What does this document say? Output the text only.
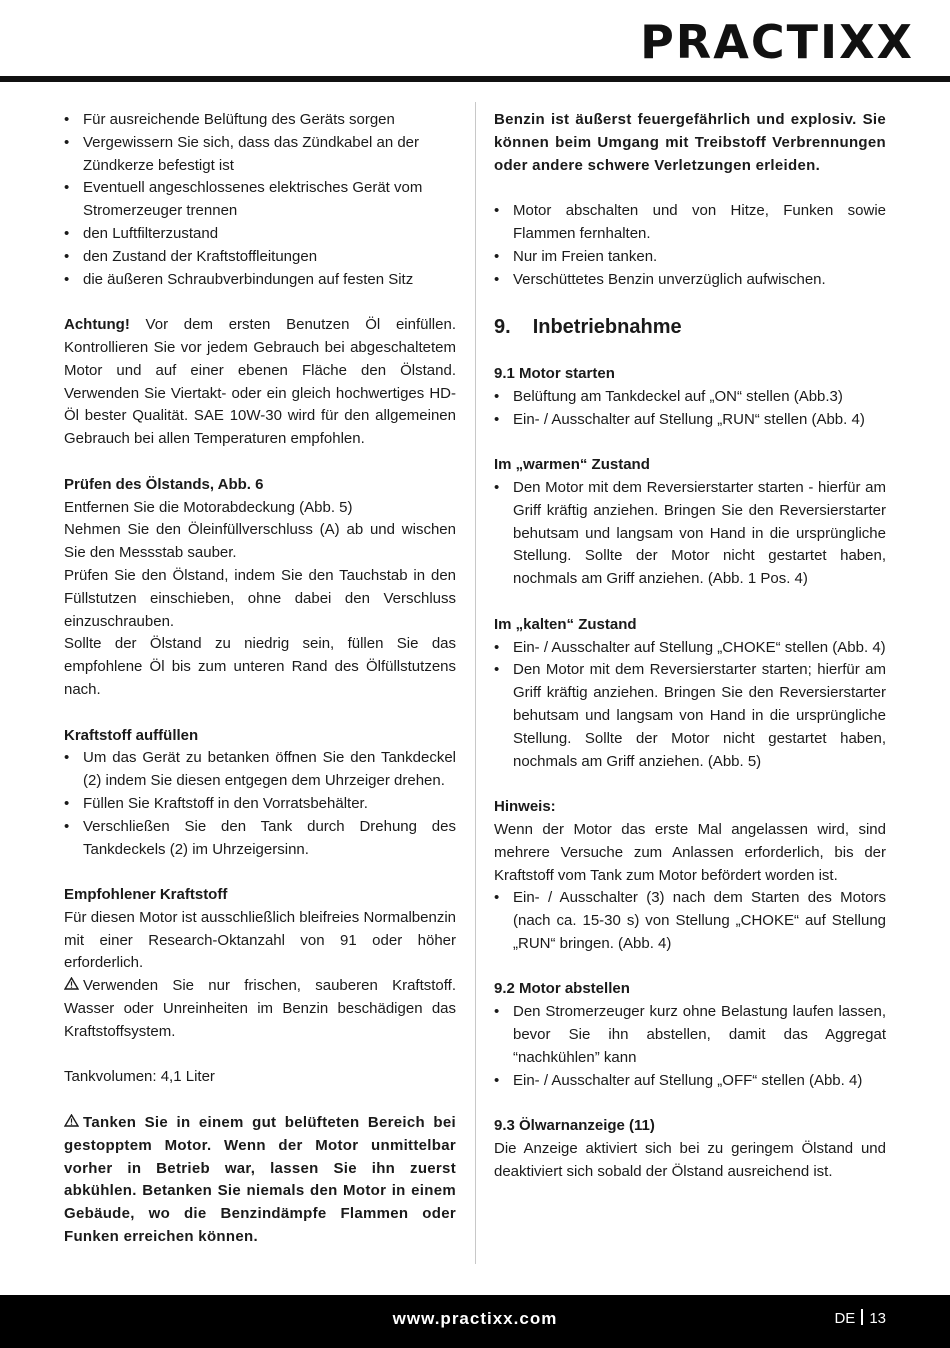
PRACTIXX
• Für ausreichende Belüftung des Geräts sorgen
• Vergewissern Sie sich, dass das Zündkabel an der Zündkerze befestigt ist
• Eventuell angeschlossenes elektrisches Gerät vom Stromerzeuger trennen
• den Luftfilterzustand
• den Zustand der Kraftstoffleitungen
• die äußeren Schraubverbindungen auf festen Sitz

Achtung! Vor dem ersten Benutzen Öl einfüllen. Kontrollieren Sie vor jedem Gebrauch bei abgeschaltetem Motor und auf einer ebenen Fläche den Ölstand. Verwenden Sie Viertakt- oder ein gleich hochwertiges HD-Öl bester Qualität. SAE 10W-30 wird für den allgemeinen Gebrauch bei allen Temperaturen empfohlen.

Prüfen des Ölstands, Abb. 6

Entfernen Sie die Motorabdeckung (Abb. 5)

Nehmen Sie den Öleinfüllverschluss (A) ab und wischen Sie den Messstab sauber.

Prüfen Sie den Ölstand, indem Sie den Tauchstab in den Füllstutzen einschieben, ohne dabei den Verschluss einzuschrauben.

Sollte der Ölstand zu niedrig sein, füllen Sie das empfohlene Öl bis zum unteren Rand des Ölfüllstutzens nach.

Kraftstoff auffüllen

• Um das Gerät zu betanken öffnen Sie den Tankdeckel (2) indem Sie diesen entgegen dem Uhrzeiger drehen.
• Füllen Sie Kraftstoff in den Vorratsbehälter.
• Verschließen Sie den Tank durch Drehung des Tankdeckels (2) im Uhrzeigersinn.

Empfohlener Kraftstoff

Für diesen Motor ist ausschließlich bleifreies Normalbenzin mit einer Research-Oktanzahl von 91 oder höher erforderlich.

Verwenden Sie nur frischen, sauberen Kraftstoff. Wasser oder Unreinheiten im Benzin beschädigen das Kraftstoffsystem.

Tankvolumen: 4,1 Liter

Tanken Sie in einem gut belüfteten Bereich bei gestopptem Motor. Wenn der Motor unmittelbar vorher in Betrieb war, lassen Sie ihn zuerst abkühlen. Betanken Sie niemals den Motor in einem Gebäude, wo die Benzindämpfe Flammen oder Funken erreichen können.

Benzin ist äußerst feuergefährlich und explosiv. Sie können beim Umgang mit Treibstoff Verbrennungen oder andere schwere Verletzungen erleiden.

• Motor abschalten und von Hitze, Funken sowie Flammen fernhalten.
• Nur im Freien tanken.
• Verschüttetes Benzin unverzüglich aufwischen.
9. Inbetriebnahme

9.1 Motor starten

• Belüftung am Tankdeckel auf „ON“ stellen (Abb.3)
• Ein- / Ausschalter auf Stellung „RUN“ stellen (Abb. 4)

Im „warmen“ Zustand

• Den Motor mit dem Reversierstarter starten - hierfür am Griff kräftig anziehen. Bringen Sie den Reversierstarter behutsam und langsam von Hand in die ursprüngliche Stellung. Sollte der Motor nicht gestartet haben, nochmals am Griff anziehen. (Abb. 1 Pos. 4)

Im „kalten“ Zustand

• Ein- / Ausschalter auf Stellung „CHOKE“ stellen (Abb. 4)
• Den Motor mit dem Reversierstarter starten; hierfür am Griff kräftig anziehen. Bringen Sie den Reversierstarter behutsam und langsam von Hand in die ursprüngliche Stellung. Sollte der Motor nicht gestartet haben, nochmals am Griff anziehen. (Abb. 5)

Hinweis:

Wenn der Motor das erste Mal angelassen wird, sind mehrere Versuche zum Anlassen erforderlich, bis der Kraftstoff vom Tank zum Motor befördert worden ist.

• Ein- / Ausschalter (3) nach dem Starten des Motors (nach ca. 15-30 s) von Stellung „CHOKE“ auf Stellung „RUN“ bringen. (Abb. 4)

9.2 Motor abstellen

• Den Stromerzeuger kurz ohne Belastung laufen lassen, bevor Sie ihn abstellen, damit das Aggregat “nachkühlen” kann
• Ein- / Ausschalter auf Stellung „OFF“ stellen (Abb. 4)

9.3 Ölwarnanzeige (11)

Die Anzeige aktiviert sich bei zu geringem Ölstand und deaktiviert sich sobald der Ölstand ausreichend ist.

www.practixx.com	DE 13
